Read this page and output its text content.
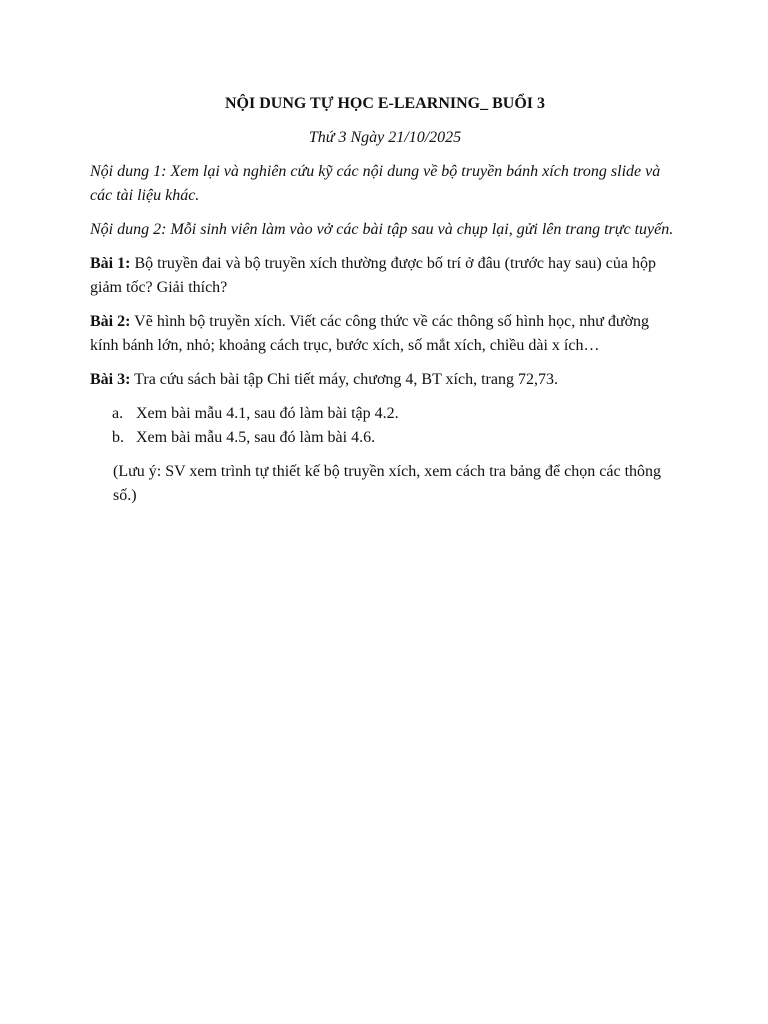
NỘI DUNG TỰ HỌC E-LEARNING_ BUỔI 3

Thứ 3 Ngày 21/10/2025

Nội dung 1: Xem lại và nghiên cứu kỹ các nội dung về bộ truyền bánh xích trong slide và các tài liệu khác.

Nội dung 2: Mỗi sinh viên làm vào vở các bài tập sau và chụp lại, gửi lên trang trực tuyến.

Bài 1: Bộ truyền đai và bộ truyền xích thường được bố trí ở đâu (trước hay sau) của hộp giảm tốc? Giải thích?

Bài 2: Vẽ hình bộ truyền xích. Viết các công thức về các thông số hình học, như đường kính bánh lớn, nhỏ; khoảng cách trục, bước xích, số mắt xích, chiều dài x ích…

Bài 3: Tra cứu sách bài tập Chi tiết máy, chương 4, BT xích, trang 72,73.

a. Xem bài mẫu 4.1, sau đó làm bài tập 4.2.
b. Xem bài mẫu 4.5, sau đó làm bài 4.6.

(Lưu ý: SV xem trình tự thiết kế bộ truyền xích, xem cách tra bảng để chọn các thông số.)
